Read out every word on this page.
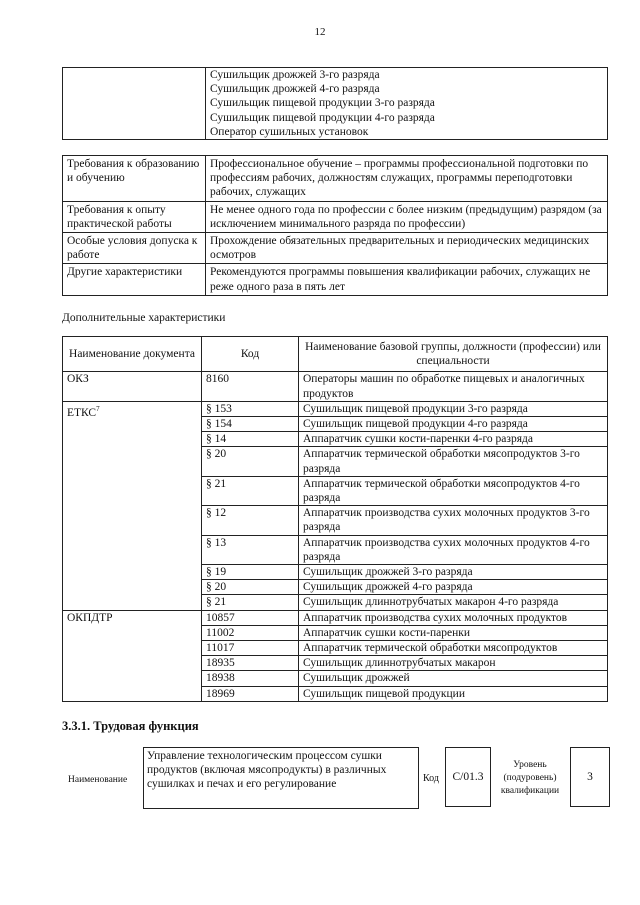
12
	Сушильщик дрожжей 3-го разряда
	Сушильщик дрожжей 4-го разряда
	Сушильщик пищевой продукции 3-го разряда
	Сушильщик пищевой продукции 4-го разряда
	Оператор сушильных установок
Требования к образованию и обучению	Профессиональное обучение – программы профессиональной подготовки по профессиям рабочих, должностям служащих, программы переподготовки рабочих, служащих
Требования к опыту практической работы	Не менее одного года по профессии с более низким (предыдущим) разрядом (за исключением минимального разряда по профессии)
Особые условия допуска к работе	Прохождение обязательных предварительных и периодических медицинских осмотров
Другие характеристики	Рекомендуются программы повышения квалификации рабочих, служащих не реже одного раза в пять лет
Дополнительные характеристики
Наименование документа	Код	Наименование базовой группы, должности (профессии) или специальности
ОКЗ	8160	Операторы машин по обработке пищевых и аналогичных продуктов
ЕТКС$^7$	§ 153	Сушильщик пищевой продукции 3-го разряда
	§ 154	Сушильщик пищевой продукции 4-го разряда
	§ 14	Аппаратчик сушки кости-паренки 4-го разряда
	§ 20	Аппаратчик термической обработки мясопродуктов 3-го разряда
	§ 21	Аппаратчик термической обработки мясопродуктов 4-го разряда
	§ 12	Аппаратчик производства сухих молочных продуктов 3-го разряда
	§ 13	Аппаратчик производства сухих молочных продуктов 4-го разряда
	§ 19	Сушильщик дрожжей 3-го разряда
	§ 20	Сушильщик дрожжей 4-го разряда
	§ 21	Сушильщик длиннотрубчатых макарон 4-го разряда
ОКПДТР	10857	Аппаратчик производства сухих молочных продуктов
	11002	Аппаратчик сушки кости-паренки
	11017	Аппаратчик термической обработки мясопродуктов
	18935	Сушильщик длиннотрубчатых макарон
	18938	Сушильщик дрожжей
	18969	Сушильщик пищевой продукции
3.3.1. Трудовая функция
Наименование
Управление технологическим процессом сушки продуктов (включая мясопродукты) в различных сушилках и печах и его регулирование	Код C/01.3
Уровень (подуровень) квалификации
3
